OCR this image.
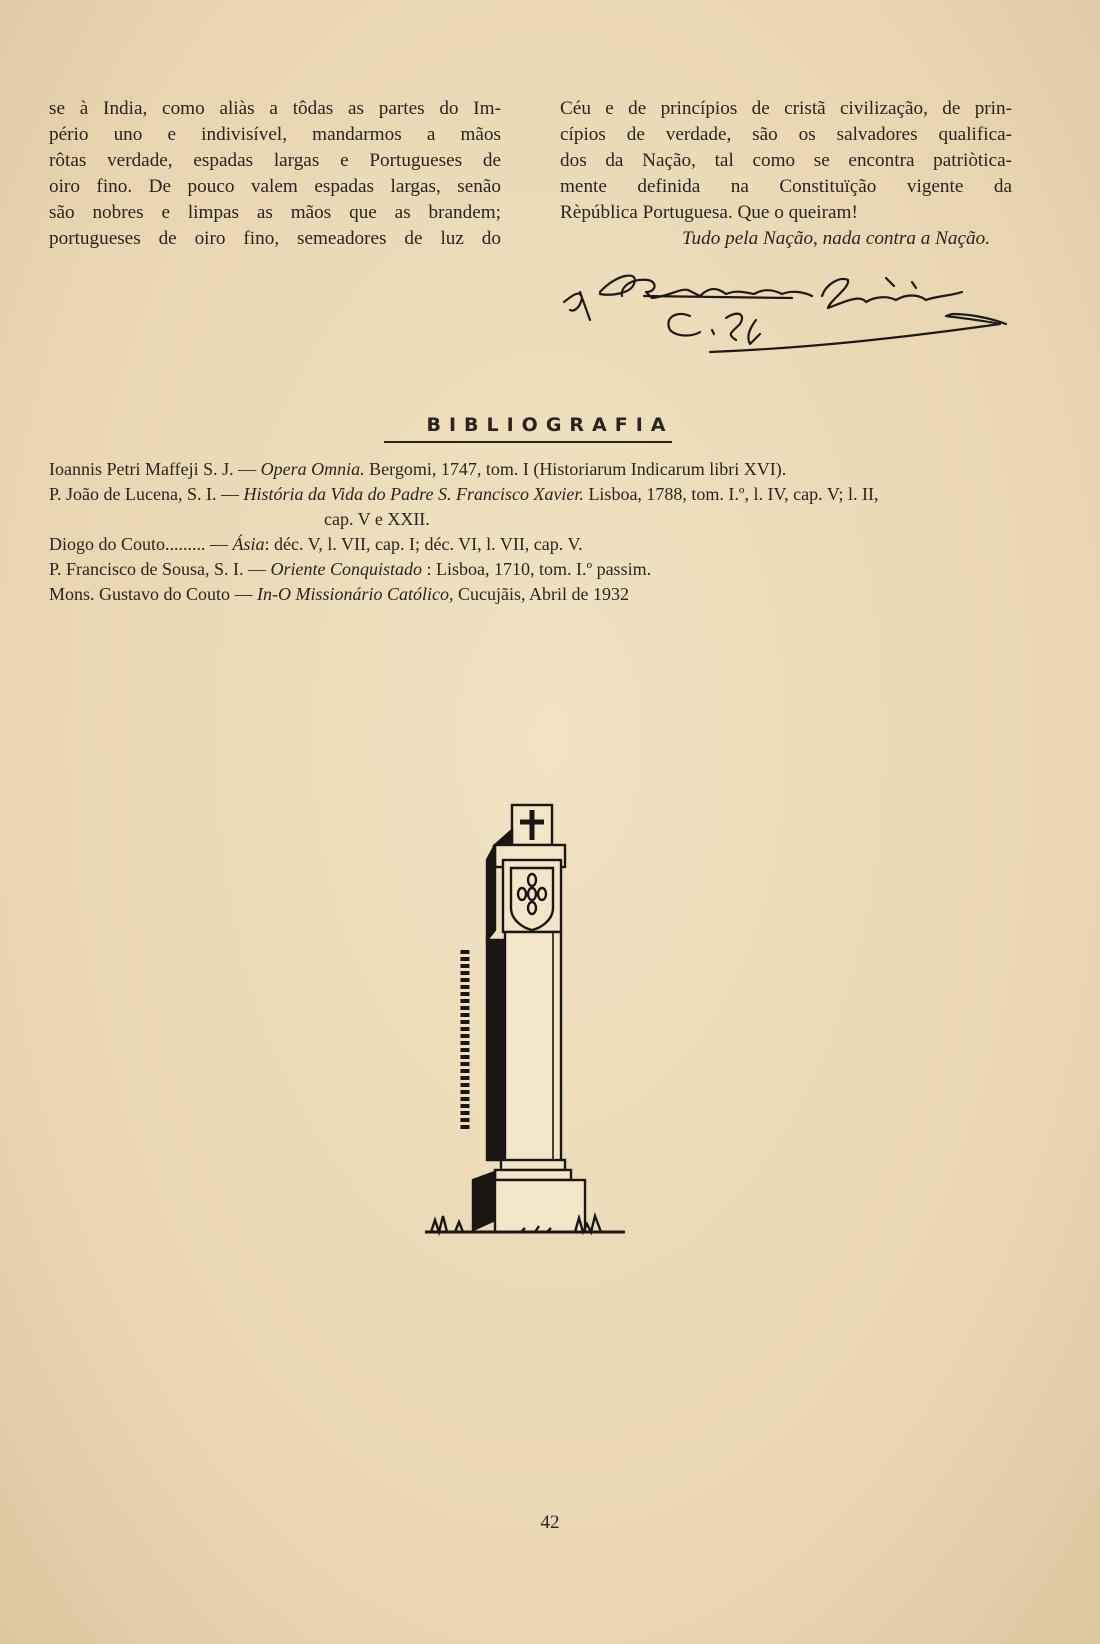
se à India, como aliàs a tôdas as partes do Im-
pério uno e indivisível, mandarmos a mãos
rôtas verdade, espadas largas e Portugueses de
oiro fino. De pouco valem espadas largas, senão
são nobres e limpas as mãos que as brandem;
portugueses de oiro fino, semeadores de luz do
Céu e de princípios de cristã civilização, de prin-
cípios de verdade, são os salvadores qualifica-
dos da Nação, tal como se encontra patriòtica-
mente definida na Constituïção vigente da
Rèpública Portuguesa. Que o queiram!
Tudo pela Nação, nada contra a Nação.
BIBLIOGRAFIA
Ioannis Petri Maffeji S. J. —
Opera Omnia.
Bergomi, 1747, tom. I (Historiarum Indicarum libri XVI).
P. João de Lucena, S. I. —
História da Vida do Padre S. Francisco Xavier.
Lisboa, 1788, tom. I.º, l. IV, cap. V; l. II,
cap. V e XXII.
Diogo do Couto......... —
Ásia : déc. V, l. VII, cap. I; déc. VI, l. VII, cap. V.
P. Francisco de Sousa, S. I. —
Oriente Conquistado
: Lisboa, 1710, tom. I.º passim.
Mons. Gustavo do Couto —
In-O Missionário Católico,
Cucujãis, Abril de 1932
42
